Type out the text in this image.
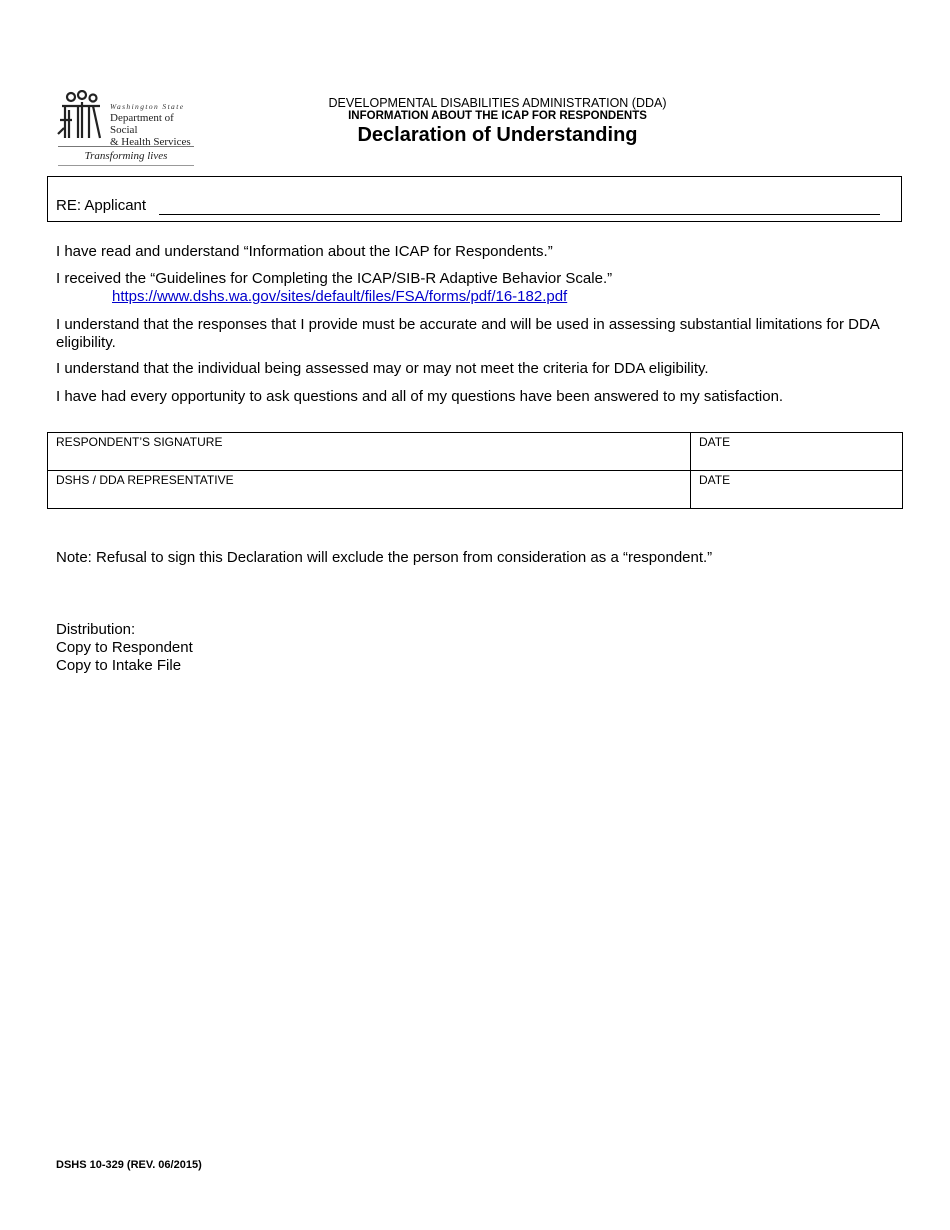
Washington State
Department of Social
& Health Services
Transforming lives
DEVELOPMENTAL DISABILITIES ADMINISTRATION (DDA)
INFORMATION ABOUT THE ICAP FOR RESPONDENTS
Declaration of Understanding
RE: Applicant
I have read and understand “Information about the ICAP for Respondents.”
I received the “Guidelines for Completing the ICAP/SIB-R Adaptive Behavior Scale.”
https://www.dshs.wa.gov/sites/default/files/FSA/forms/pdf/16-182.pdf
I understand that the responses that I provide must be accurate and will be used in assessing substantial limitations for DDA eligibility.
I understand that the individual being assessed may or may not meet the criteria for DDA eligibility.
I have had every opportunity to ask questions and all of my questions have been answered to my satisfaction.
RESPONDENT’S SIGNATURE	DATE
DSHS / DDA REPRESENTATIVE	DATE
Note: Refusal to sign this Declaration will exclude the person from consideration as a “respondent.”
Distribution:
Copy to Respondent
Copy to Intake File
DSHS 10-329 (REV. 06/2015)
